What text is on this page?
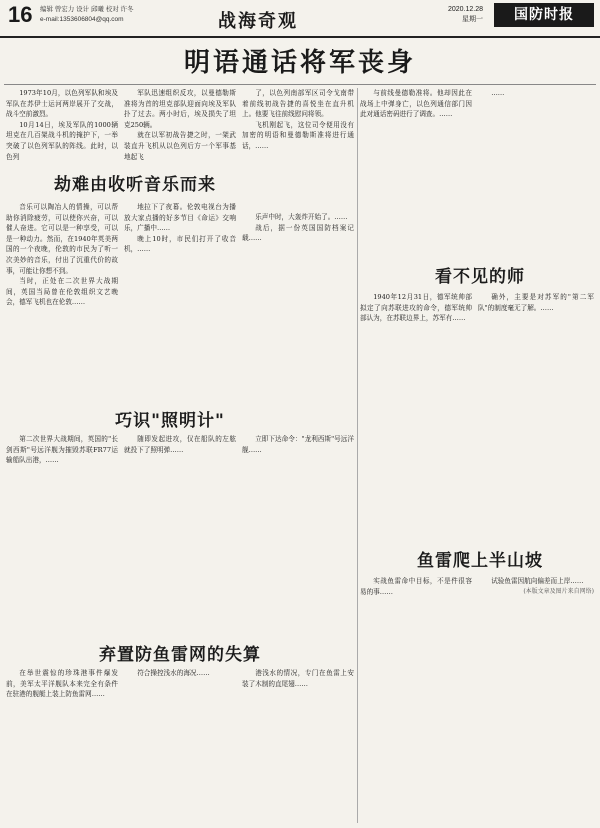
16 编辑 曾宏力 设计 邱曦 校对 许冬
e-mail:1353606804@qq.com	战海奇观
2020.12.28
星期一	国防时报
明语通话将军丧身

1973年10月，以色列军队和埃及军队在苏伊士运河两岸展开了交战，战斗空前激烈。

10月14日，埃及军队的1000辆坦克在几百架战斗机的掩护下，一举突破了以色列军队的阵线。此时，以色列

军队迅速组织反攻，以曼德勒斯准将为首的坦克部队迎面向埃及军队扑了过去。两小时后，埃及损失了坦克250辆。

就在以军初战告捷之时，一架武装直升飞机从以色列后方一个军事基地起飞

了，以色列南部军区司令戈南带着前线初战告捷的喜悦坐在直升机上。他要飞往前线慰问将领。

飞机刚起飞，这位司令便用没有加密的明语和曼德勒斯准将进行通话，……

与前线曼德勒准将。他却因此在战场上中弹身亡，以色列通信部门因此对通话密码进行了调查。……

……

劫难由收听音乐而来

音乐可以陶冶人的情操，可以帮助你消除疲劳，可以使你兴奋，可以催人奋进。它可以是一种享受，可以是一种动力。然而，在1940年英美两国的一个夜晚，伦敦的市民为了听一次美妙的音乐，付出了沉重代价的故事，可能让你想不到。

当时，正处在二次世界大战期间，英国当局曾在伦敦组织文艺晚会，德军飞机也在伦敦……

地拉下了夜幕。伦敦电视台为播放大家点播的好多节目《命运》交响乐，广播中……

晚上10时，市民们打开了收音机，……

乐声中时，大轰炸开始了。……

战后，据一份英国国防档案记载……

巧识"照明计"

第二次世界大战期间，英国的"长剑西斯"号远洋舰为摧毁苏联FR77运输船队出港，……

随即发起进攻，仅在船队的左舷就投下了照明弹……

立即下达命令："龙利西斯"号远洋舰……

看不见的师

1940年12月31日，德军统帅部拟定了向苏联进攻的命令，德军统帅部认为，在苏联边界上，苏军有……

确外，主要是对苏军的"第二军队"的制度毫无了解。……

弃置防鱼雷网的失算

在举世震惊的珍珠港事件爆发前，美军太平洋舰队本来完全有条件在驻港的舰艇上装上防鱼雷网……

符合操控浅水的海况……	港浅水的情况，专门在鱼雷上安装了木制的直尾翅……

鱼雷爬上半山坡

实战鱼雷命中目标，不是件很容易的事……

试验鱼雷因航向偏差而上岸……

(本版文章及图片来自网络)
